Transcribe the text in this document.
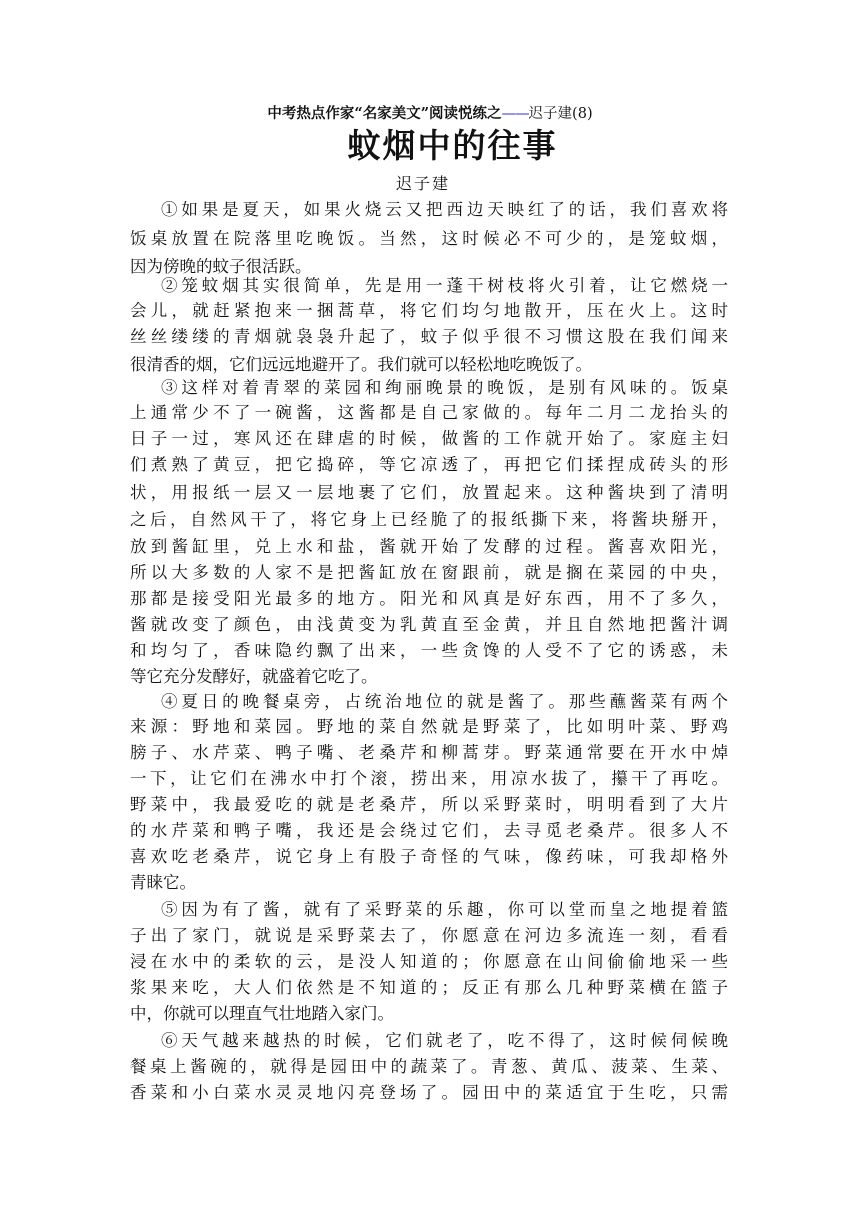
中考热点作家“名家美文”阅读悦练之——迟子建(8)
蚊烟中的往事
迟子建
①如果是夏天，如果火烧云又把西边天映红了的话，我们喜欢将
饭桌放置在院落里吃晚饭。当然，这时候必不可少的，是笼蚊烟，
因为傍晚的蚊子很活跃。
②笼蚊烟其实很简单，先是用一蓬干树枝将火引着，让它燃烧一
会儿，就赶紧抱来一捆蒿草，将它们均匀地散开，压在火上。这时
丝丝缕缕的青烟就袅袅升起了，蚊子似乎很不习惯这股在我们闻来
很清香的烟，它们远远地避开了。我们就可以轻松地吃晚饭了。
③这样对着青翠的菜园和绚丽晚景的晚饭，是别有风味的。饭桌
上通常少不了一碗酱，这酱都是自己家做的。每年二月二龙抬头的
日子一过，寒风还在肆虐的时候，做酱的工作就开始了。家庭主妇
们煮熟了黄豆，把它捣碎，等它凉透了，再把它们揉捏成砖头的形
状，用报纸一层又一层地裹了它们，放置起来。这种酱块到了清明
之后，自然风干了，将它身上已经脆了的报纸撕下来，将酱块掰开，
放到酱缸里，兑上水和盐，酱就开始了发酵的过程。酱喜欢阳光，
所以大多数的人家不是把酱缸放在窗跟前，就是搁在菜园的中央，
那都是接受阳光最多的地方。阳光和风真是好东西，用不了多久，
酱就改变了颜色，由浅黄变为乳黄直至金黄，并且自然地把酱汁调
和均匀了，香味隐约飘了出来，一些贪馋的人受不了它的诱惑，未
等它充分发酵好，就盛着它吃了。
④夏日的晚餐桌旁，占统治地位的就是酱了。那些蘸酱菜有两个
来源：野地和菜园。野地的菜自然就是野菜了，比如明叶菜、野鸡
膀子、水芹菜、鸭子嘴、老桑芹和柳蒿芽。野菜通常要在开水中焯
一下，让它们在沸水中打个滚，捞出来，用凉水拔了，攥干了再吃。
野菜中，我最爱吃的就是老桑芹，所以采野菜时，明明看到了大片
的水芹菜和鸭子嘴，我还是会绕过它们，去寻觅老桑芹。很多人不
喜欢吃老桑芹，说它身上有股子奇怪的气味，像药味，可我却格外
青睐它。
⑤因为有了酱，就有了采野菜的乐趣，你可以堂而皇之地提着篮
子出了家门，就说是采野菜去了，你愿意在河边多流连一刻，看看
浸在水中的柔软的云，是没人知道的；你愿意在山间偷偷地采一些
浆果来吃，大人们依然是不知道的；反正有那么几种野菜横在篮子
中，你就可以理直气壮地踏入家门。
⑥天气越来越热的时候，它们就老了，吃不得了，这时候伺候晚
餐桌上酱碗的，就得是园田中的蔬菜了。青葱、黄瓜、菠菜、生菜、
香菜和小白菜水灵灵地闪亮登场了。园田中的菜适宜于生吃，只需
